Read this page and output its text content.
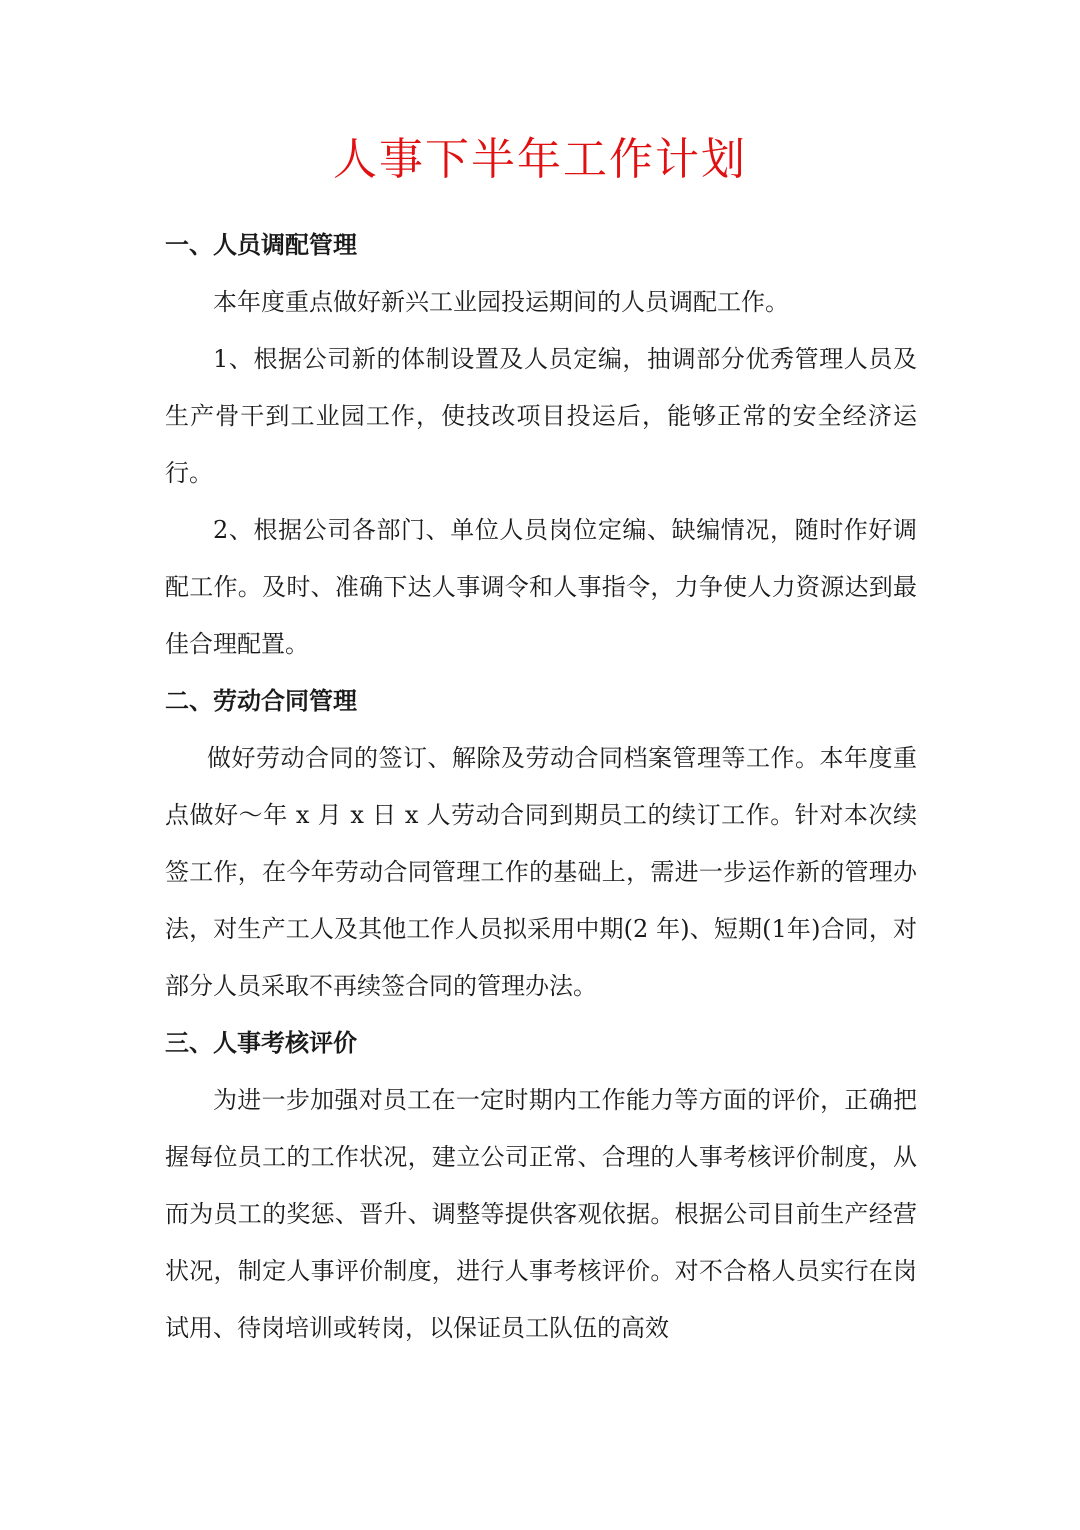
人事下半年工作计划

一、人员调配管理

本年度重点做好新兴工业园投运期间的人员调配工作。

1、根据公司新的体制设置及人员定编，抽调部分优秀管理人员及生产骨干到工业园工作，使技改项目投运后，能够正常的安全经济运行。

2、根据公司各部门、单位人员岗位定编、缺编情况，随时作好调配工作。及时、准确下达人事调令和人事指令，力争使人力资源达到最佳合理配置。

二、劳动合同管理

做好劳动合同的签订、解除及劳动合同档案管理等工作。本年度重点做好～年 x 月 x 日 x 人劳动合同到期员工的续订工作。针对本次续签工作，在今年劳动合同管理工作的基础上，需进一步运作新的管理办法，对生产工人及其他工作人员拟采用中期(2 年)、短期(1年)合同，对部分人员采取不再续签合同的管理办法。

三、人事考核评价

为进一步加强对员工在一定时期内工作能力等方面的评价，正确把握每位员工的工作状况，建立公司正常、合理的人事考核评价制度，从而为员工的奖惩、晋升、调整等提供客观依据。根据公司目前生产经营状况，制定人事评价制度，进行人事考核评价。对不合格人员实行在岗试用、待岗培训或转岗，以保证员工队伍的高效
